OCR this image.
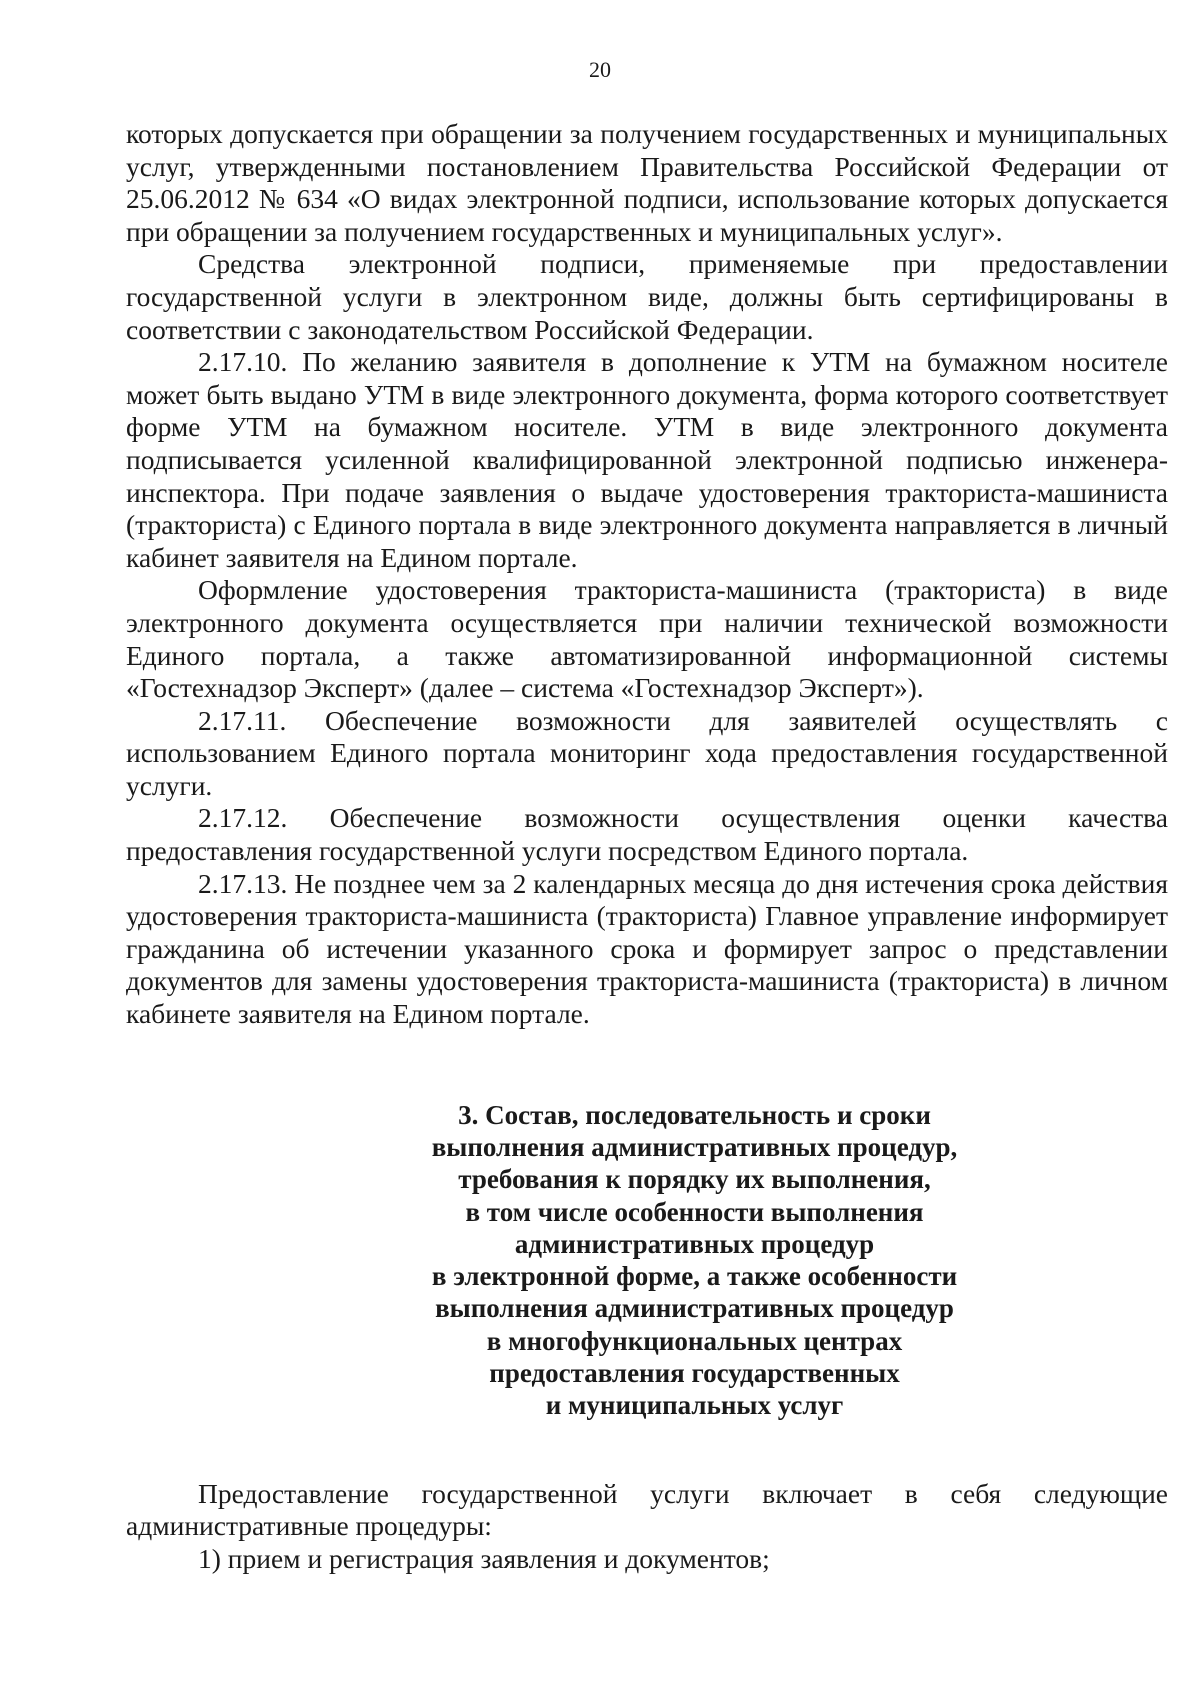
20

которых допускается при обращении за получением государственных и муниципальных услуг, утвержденными постановлением Правительства Российской Федерации от 25.06.2012 № 634 «О видах электронной подписи, использование которых допускается при обращении за получением государственных и муниципальных услуг».

Средства электронной подписи, применяемые при предоставлении государственной услуги в электронном виде, должны быть сертифицированы в соответствии с законодательством Российской Федерации.

2.17.10. По желанию заявителя в дополнение к УТМ на бумажном носителе может быть выдано УТМ в виде электронного документа, форма которого соответствует форме УТМ на бумажном носителе. УТМ в виде электронного документа подписывается усиленной квалифицированной электронной подписью инженера-инспектора. При подаче заявления о выдаче удостоверения тракториста-машиниста (тракториста) с Единого портала в виде электронного документа направляется в личный кабинет заявителя на Едином портале.

Оформление удостоверения тракториста-машиниста (тракториста) в виде электронного документа осуществляется при наличии технической возможности Единого портала, а также автоматизированной информационной системы «Гостехнадзор Эксперт» (далее – система «Гостехнадзор Эксперт»).

2.17.11. Обеспечение возможности для заявителей осуществлять с использованием Единого портала мониторинг хода предоставления государственной услуги.

2.17.12. Обеспечение возможности осуществления оценки качества предоставления государственной услуги посредством Единого портала.

2.17.13. Не позднее чем за 2 календарных месяца до дня истечения срока действия удостоверения тракториста-машиниста (тракториста) Главное управление информирует гражданина об истечении указанного срока и формирует запрос о представлении документов для замены удостоверения тракториста-машиниста (тракториста) в личном кабинете заявителя на Едином портале.

3. Состав, последовательность и сроки
выполнения административных процедур,
требования к порядку их выполнения,
в том числе особенности выполнения
административных процедур
в электронной форме, а также особенности
выполнения административных процедур
в многофункциональных центрах
предоставления государственных
и муниципальных услуг

Предоставление государственной услуги включает в себя следующие административные процедуры:

1) прием и регистрация заявления и документов;
